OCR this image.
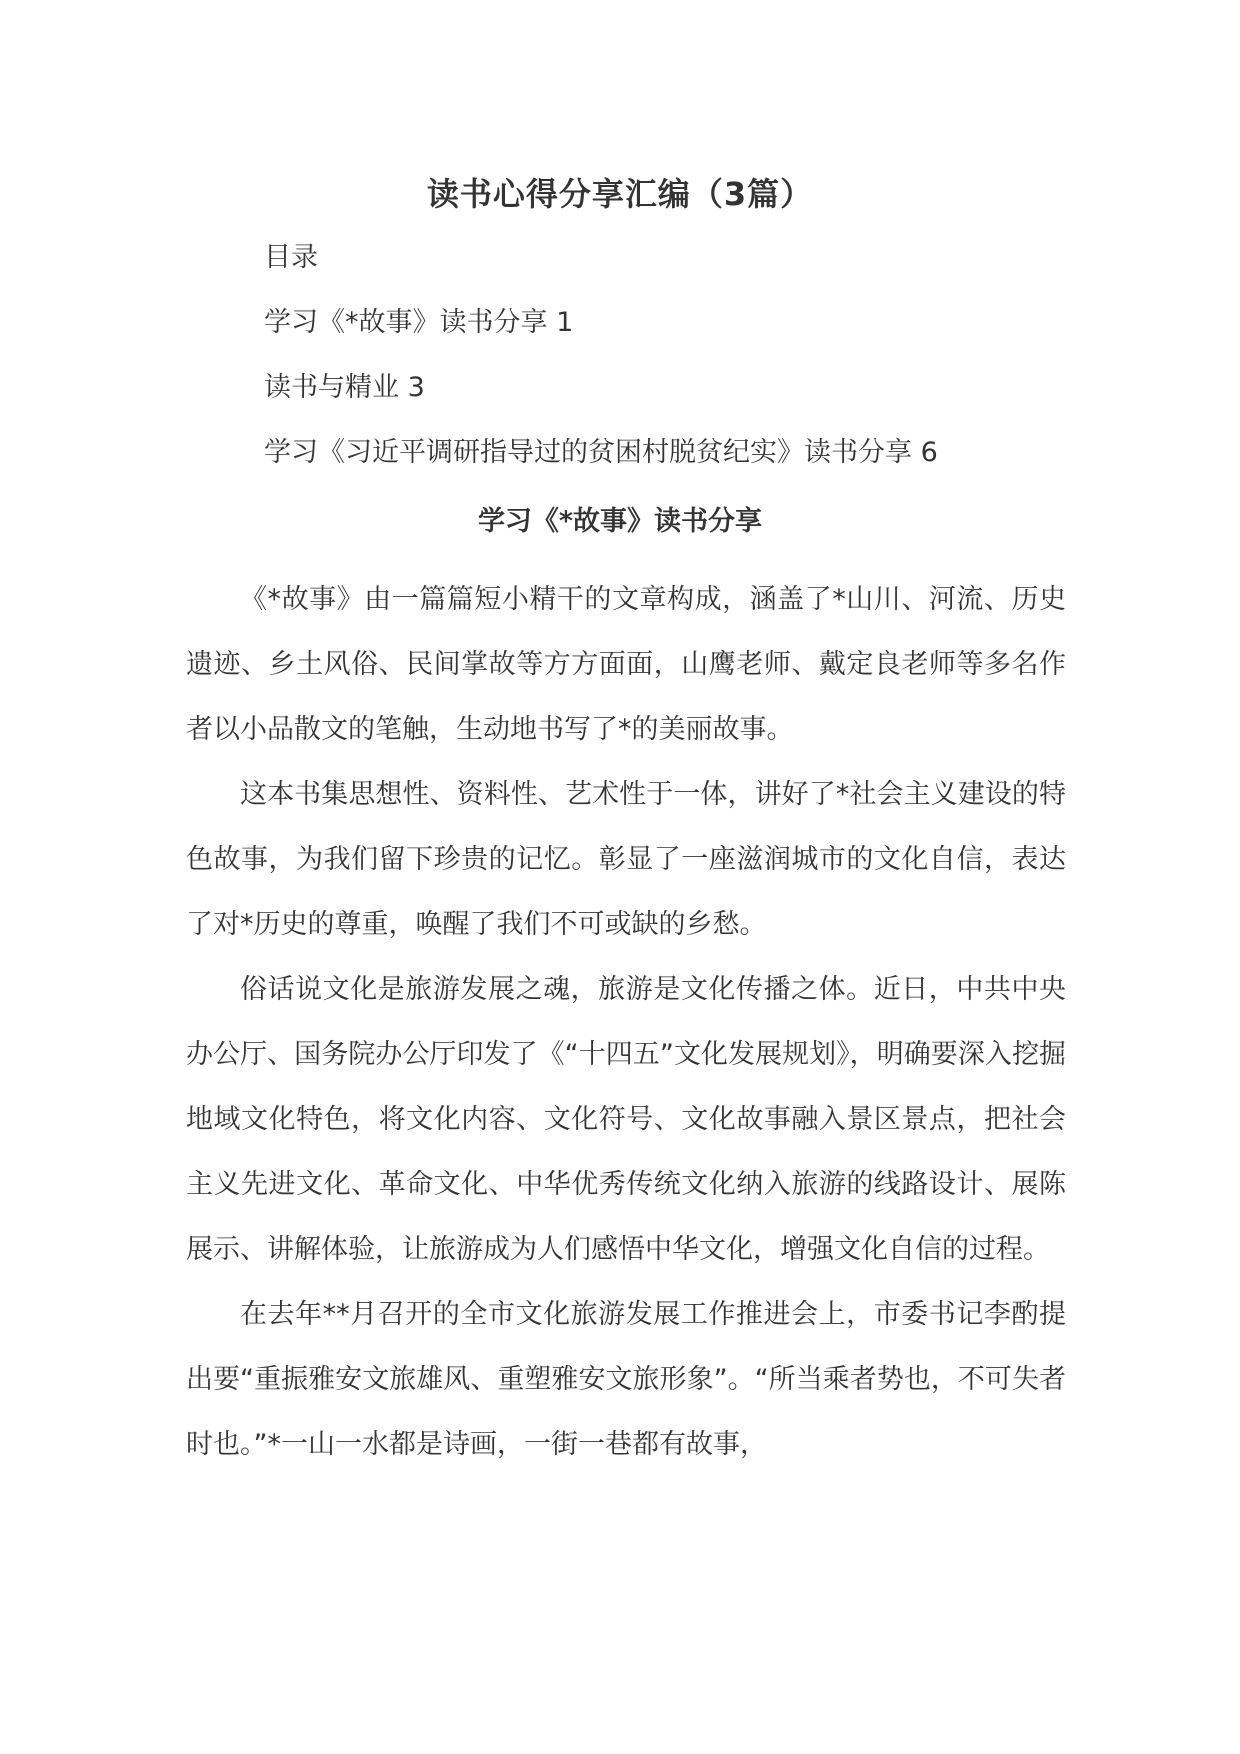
读书心得分享汇编（3篇）

目录

学习《*故事》读书分享 1

读书与精业 3

学习《习近平调研指导过的贫困村脱贫纪实》读书分享 6

学习《*故事》读书分享

《*故事》由一篇篇短小精干的文章构成，涵盖了*山川、河流、历史遗迹、乡土风俗、民间掌故等方方面面，山鹰老师、戴定良老师等多名作者以小品散文的笔触，生动地书写了*的美丽故事。

这本书集思想性、资料性、艺术性于一体，讲好了*社会主义建设的特色故事，为我们留下珍贵的记忆。彰显了一座滋润城市的文化自信，表达了对*历史的尊重，唤醒了我们不可或缺的乡愁。

俗话说文化是旅游发展之魂，旅游是文化传播之体。近日，中共中央办公厅、国务院办公厅印发了《“十四五”文化发展规划》，明确要深入挖掘地域文化特色，将文化内容、文化符号、文化故事融入景区景点，把社会主义先进文化、革命文化、中华优秀传统文化纳入旅游的线路设计、展陈展示、讲解体验，让旅游成为人们感悟中华文化，增强文化自信的过程。

在去年**月召开的全市文化旅游发展工作推进会上，市委书记李酌提出要“重振雅安文旅雄风、重塑雅安文旅形象”。“所当乘者势也，不可失者时也。”*一山一水都是诗画，一街一巷都有故事，
